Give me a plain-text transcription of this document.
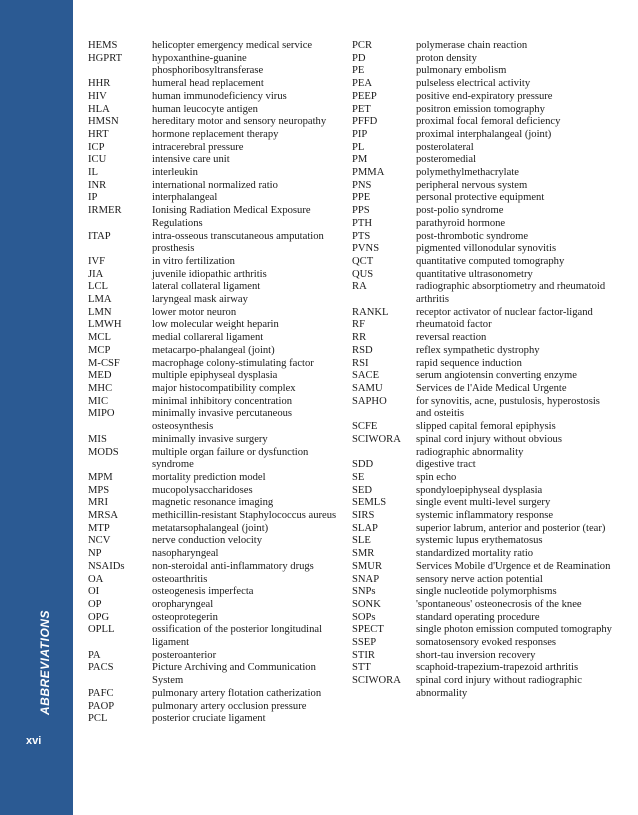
ABBREVIATIONS
xvi
HEMS	helicopter emergency medical service
HGPRT	hypoxanthine-guanine phosphoribosyltransferase
HHR	humeral head replacement
HIV	human immunodeficiency virus
HLA	human leucocyte antigen
HMSN	hereditary motor and sensory neuropathy
HRT	hormone replacement therapy
ICP	intracerebral pressure
ICU	intensive care unit
IL	interleukin
INR	international normalized ratio
IP	interphalangeal
IRMER	Ionising Radiation Medical Exposure Regulations
ITAP	intra-osseous transcutaneous amputation prosthesis
IVF	in vitro fertilization
JIA	juvenile idiopathic arthritis
LCL	lateral collateral ligament
LMA	laryngeal mask airway
LMN	lower motor neuron
LMWH	low molecular weight heparin
MCL	medial collareral ligament
MCP	metacarpo-phalangeal (joint)
M-CSF	macrophage colony-stimulating factor
MED	multiple epiphyseal dysplasia
MHC	major histocompatibility complex
MIC	minimal inhibitory concentration
MIPO	minimally invasive percutaneous osteosynthesis
MIS	minimally invasive surgery
MODS	multiple organ failure or dysfunction syndrome
MPM	mortality prediction model
MPS	mucopolysaccharidoses
MRI	magnetic resonance imaging
MRSA	methicillin-resistant Staphylococcus aureus
MTP	metatarsophalangeal (joint)
NCV	nerve conduction velocity
NP	nasopharyngeal
NSAIDs	non-steroidal anti-inflammatory drugs
OA	osteoarthritis
OI	osteogenesis imperfecta
OP	oropharyngeal
OPG	osteoprotegerin
OPLL	ossification of the posterior longitudinal ligament
PA	posteroanterior
PACS	Picture Archiving and Communication System
PAFC	pulmonary artery flotation catherization
PAOP	pulmonary artery occlusion pressure
PCL	posterior cruciate ligament
PCR	polymerase chain reaction
PD	proton density
PE	pulmonary embolism
PEA	pulseless electrical activity
PEEP	positive end-expiratory pressure
PET	positron emission tomography
PFFD	proximal focal femoral deficiency
PIP	proximal interphalangeal (joint)
PL	posterolateral
PM	posteromedial
PMMA	polymethylmethacrylate
PNS	peripheral nervous system
PPE	personal protective equipment
PPS	post-polio syndrome
PTH	parathyroid hormone
PTS	post-thrombotic syndrome
PVNS	pigmented villonodular synovitis
QCT	quantitative computed tomography
QUS	quantitative ultrasonometry
RA	radiographic absorptiometry and rheumatoid arthritis
RANKL	receptor activator of nuclear factor-ligand
RF	rheumatoid factor
RR	reversal reaction
RSD	reflex sympathetic dystrophy
RSI	rapid sequence induction
SACE	serum angiotensin converting enzyme
SAMU	Services de l'Aide Medical Urgente
SAPHO	for synovitis, acne, pustulosis, hyperostosis and osteitis
SCFE	slipped capital femoral epiphysis
SCIWORA	spinal cord injury without obvious radiographic abnormality
SDD	digestive tract
SE	spin echo
SED	spondyloepiphyseal dysplasia
SEMLS	single event multi-level surgery
SIRS	systemic inflammatory response
SLAP	superior labrum, anterior and posterior (tear)
SLE	systemic lupus erythematosus
SMR	standardized mortality ratio
SMUR	Services Mobile d'Urgence et de Reamination
SNAP	sensory nerve action potential
SNPs	single nucleotide polymorphisms
SONK	'spontaneous' osteonecrosis of the knee
SOPs	standard operating procedure
SPECT	single photon emission computed tomography
SSEP	somatosensory evoked responses
STIR	short-tau inversion recovery
STT	scaphoid-trapezium-trapezoid arthritis
SCIWORA	spinal cord injury without radiographic abnormality
